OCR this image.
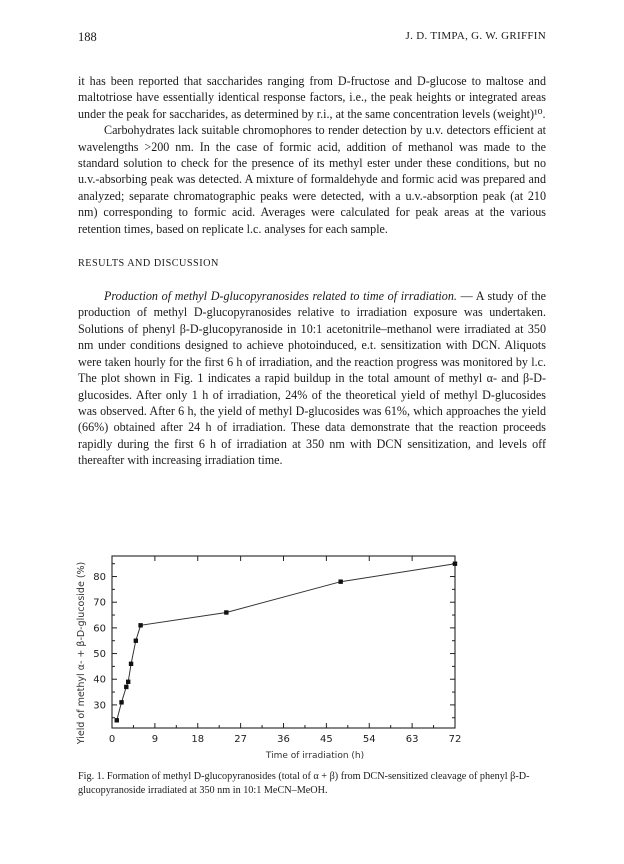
188	J. D. TIMPA, G. W. GRIFFIN

it has been reported that saccharides ranging from D-fructose and D-glucose to maltose and maltotriose have essentially identical response factors, i.e., the peak heights or integrated areas under the peak for saccharides, as determined by r.i., at the same concentration levels (weight)¹⁰.

Carbohydrates lack suitable chromophores to render detection by u.v. detectors efficient at wavelengths >200 nm. In the case of formic acid, addition of methanol was made to the standard solution to check for the presence of its methyl ester under these conditions, but no u.v.-absorbing peak was detected. A mixture of formaldehyde and formic acid was prepared and analyzed; separate chromatographic peaks were detected, with a u.v.-absorption peak (at 210 nm) corresponding to formic acid. Averages were calculated for peak areas at the various retention times, based on replicate l.c. analyses for each sample.

RESULTS AND DISCUSSION

Production of methyl D-glucopyranosides related to time of irradiation. — A study of the production of methyl D-glucopyranosides relative to irradiation exposure was undertaken. Solutions of phenyl β-D-glucopyranoside in 10:1 acetonitrile–methanol were irradiated at 350 nm under conditions designed to achieve photoinduced, e.t. sensitization with DCN. Aliquots were taken hourly for the first 6 h of irradiation, and the reaction progress was monitored by l.c. The plot shown in Fig. 1 indicates a rapid buildup in the total amount of methyl α- and β-D-glucosides. After only 1 h of irradiation, 24% of the theoretical yield of methyl D-glucosides was observed. After 6 h, the yield of methyl D-glucosides was 61%, which approaches the yield (66%) obtained after 24 h of irradiation. These data demonstrate that the reaction proceeds rapidly during the first 6 h of irradiation at 350 nm with DCN sensitization, and levels off thereafter with increasing irradiation time.

Yield of methyl α- + β-D-glucoside (%)
Time of irradiation (h)
0	9	18	27	36	45	54	63	72
30
40
50
60
70
80
Fig. 1. Formation of methyl D-glucopyranosides (total of α + β) from DCN-sensitized cleavage of phenyl β-D-glucopyranoside irradiated at 350 nm in 10:1 MeCN–MeOH.
